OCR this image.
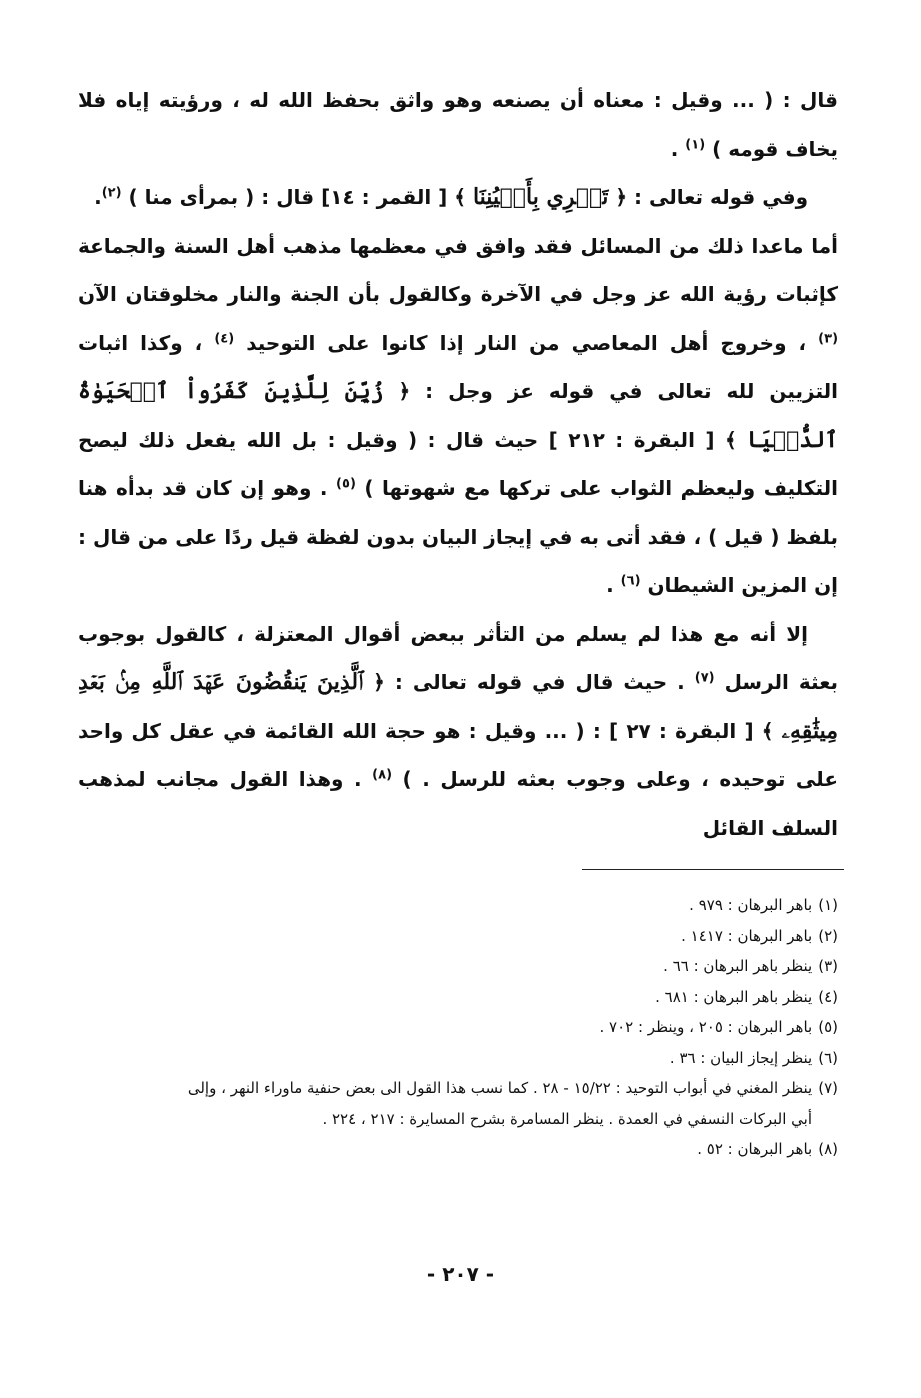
قال : ( ... وقيل : معناه أن يصنعه وهو واثق بحفظ الله له ، ورؤيته إياه فلا يخاف قومه ) $^{(١)}$ .

وفي قوله تعالى : ﴿ تَجۡرِي بِأَعۡيُنِنَا ﴾ [ القمر : ١٤] قال : ( بمرأى منا ) $^{(٢)}$.

أما ماعدا ذلك من المسائل فقد وافق في معظمها مذهب أهل السنة والجماعة كإثبات رؤية الله عز وجل في الآخرة وكالقول بأن الجنة والنار مخلوقتان الآن $^{(٣)}$ ، وخروج أهل المعاصي من النار إذا كانوا على التوحيد $^{(٤)}$ ، وكذا اثبات التزيين لله تعالى في قوله عز وجل : ﴿ زُيِّنَ لِلَّذِينَ كَفَرُواْ ٱلۡحَيَوٰةُ ٱلدُّنۡيَا ﴾ [ البقرة : ٢١٢ ] حيث قال : ( وقيل : بل الله يفعل ذلك ليصح التكليف وليعظم الثواب على تركها مع شهوتها ) $^{(٥)}$ . وهو إن كان قد بدأه هنا بلفظ ( قيل ) ، فقد أتى به في إيجاز البيان بدون لفظة قيل ردًا على من قال : إن المزين الشيطان $^{(٦)}$ .

إلا أنه مع هذا لم يسلم من التأثر ببعض أقوال المعتزلة ، كالقول بوجوب بعثة الرسل $^{(٧)}$ . حيث قال في قوله تعالى : ﴿ ٱلَّذِينَ يَنقُضُونَ عَهۡدَ ٱللَّهِ مِنۢ بَعۡدِ مِيثَٰقِهِۦ ﴾ [ البقرة : ٢٧ ] : ( ... وقيل : هو حجة الله القائمة في عقل كل واحد على توحيده ، وعلى وجوب بعثه للرسل . ) $^{(٨)}$ . وهذا القول مجانب لمذهب السلف القائل

(١)باهر البرهان : ٩٧٩ .

(٢)باهر البرهان : ١٤١٧ .

(٣)ينظر باهر البرهان : ٦٦ .

(٤)ينظر باهر البرهان : ٦٨١ .

(٥)باهر البرهان : ٢٠٥ ، وينظر : ٧٠٢ .

(٦)ينظر إيجاز البيان : ٣٦ .

(٧)ينظر المغني في أبواب التوحيد : ١٥/٢٢ - ٢٨ . كما نسب هذا القول الى بعض حنفية ماوراء النهر ، وإلى

أبي البركات النسفي في العمدة . ينظر المسامرة بشرح المسايرة : ٢١٧ ، ٢٢٤ .

(٨)باهر البرهان : ٥٢ .

- ٢٠٧ -
